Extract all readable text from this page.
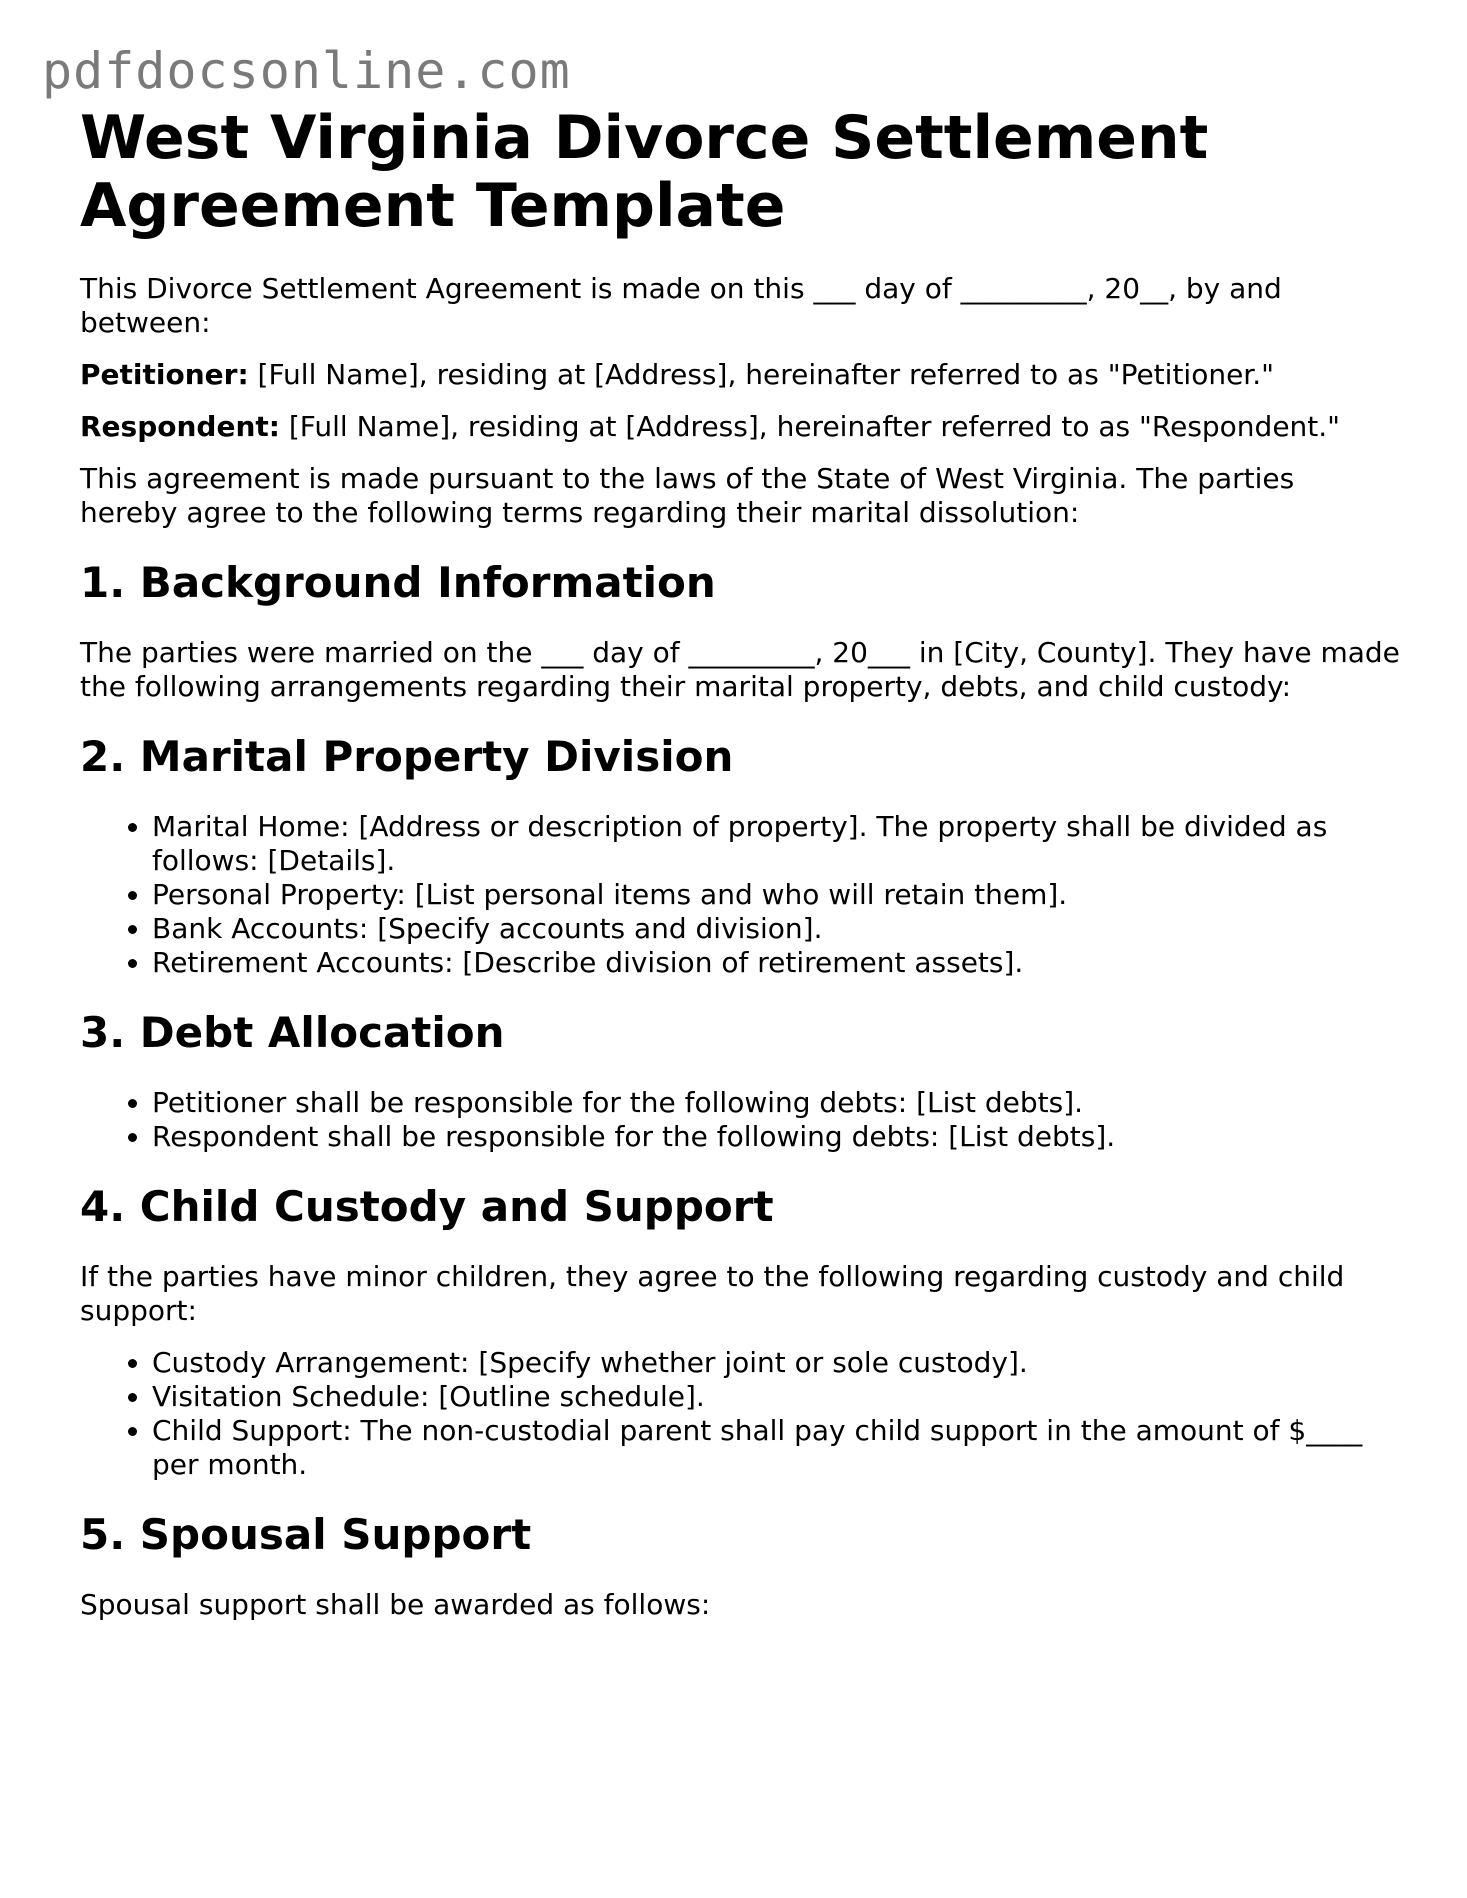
pdfdocsonline.com
West Virginia Divorce Settlement Agreement Template

This Divorce Settlement Agreement is made on this ___ day of _________, 20__, by and between:

Petitioner: [Full Name], residing at [Address], hereinafter referred to as "Petitioner."

Respondent: [Full Name], residing at [Address], hereinafter referred to as "Respondent."

This agreement is made pursuant to the laws of the State of West Virginia. The parties hereby agree to the following terms regarding their marital dissolution:

1. Background Information

The parties were married on the ___ day of _________, 20___ in [City, County]. They have made the following arrangements regarding their marital property, debts, and child custody:

2. Marital Property Division
• Marital Home: [Address or description of property]. The property shall be divided as follows: [Details].
• Personal Property: [List personal items and who will retain them].
• Bank Accounts: [Specify accounts and division].
• Retirement Accounts: [Describe division of retirement assets].
3. Debt Allocation
• Petitioner shall be responsible for the following debts: [List debts].
• Respondent shall be responsible for the following debts: [List debts].
4. Child Custody and Support

If the parties have minor children, they agree to the following regarding custody and child support:

• Custody Arrangement: [Specify whether joint or sole custody].
• Visitation Schedule: [Outline schedule].
• Child Support: The non-custodial parent shall pay child support in the amount of $____ per month.
5. Spousal Support

Spousal support shall be awarded as follows:
